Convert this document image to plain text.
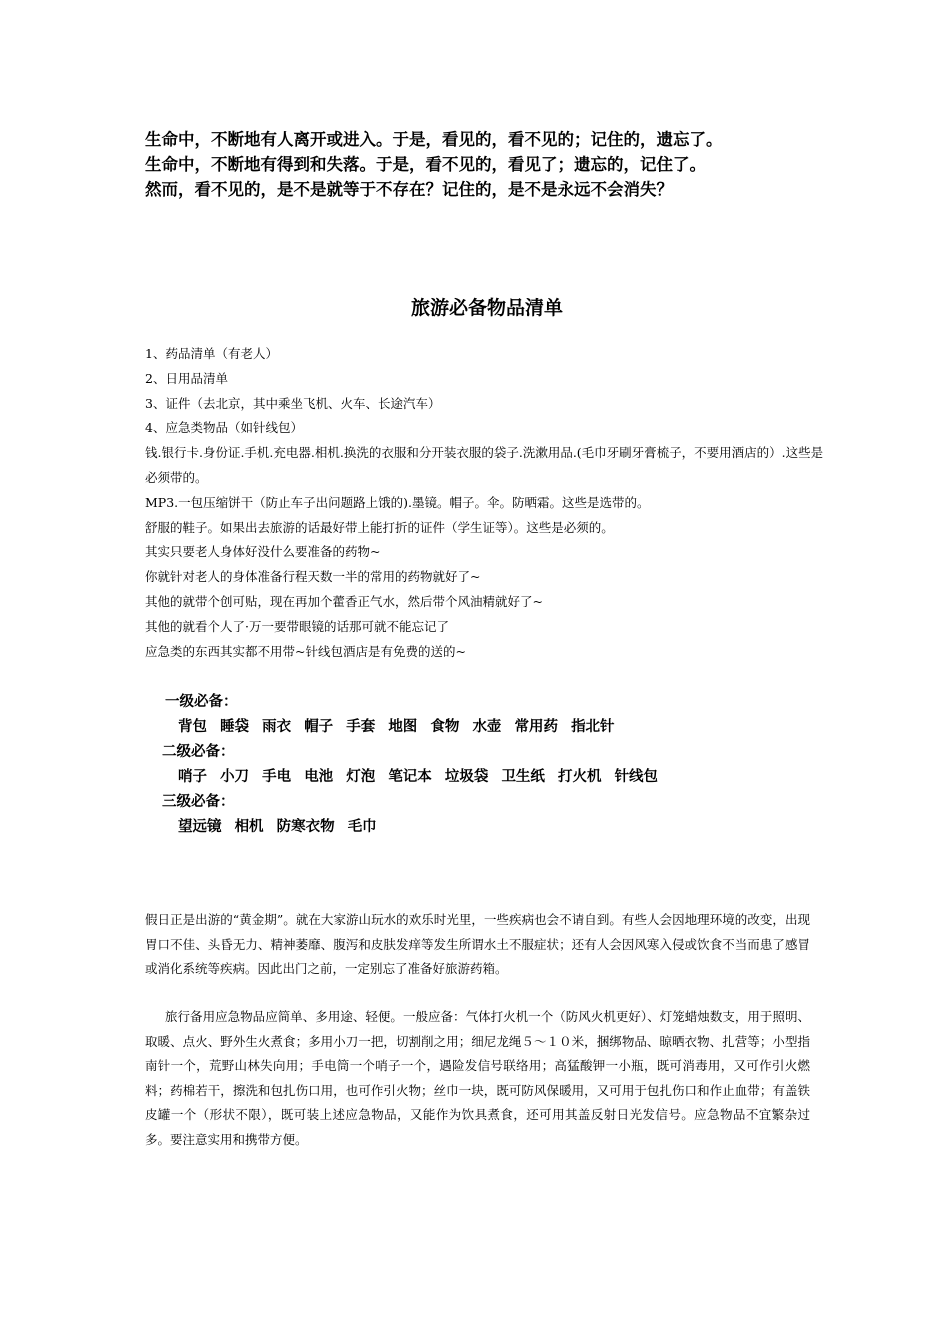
生命中，不断地有人离开或进入。于是，看见的，看不见的；记住的，遗忘了。
生命中，不断地有得到和失落。于是，看不见的，看见了；遗忘的，记住了。
然而，看不见的，是不是就等于不存在？记住的，是不是永远不会消失？
旅游必备物品清单
1、药品清单（有老人）
2、日用品清单
3、证件（去北京，其中乘坐飞机、火车、长途汽车）
4、应急类物品（如针线包）
钱.银行卡.身份证.手机.充电器.相机.换洗的衣服和分开装衣服的袋子.洗漱用品.(毛巾牙刷牙膏梳子，不要用酒店的）.这些是必须带的。
MP3.一包压缩饼干（防止车子出问题路上饿的).墨镜。帽子。伞。防晒霜。这些是选带的。
舒服的鞋子。如果出去旅游的话最好带上能打折的证件（学生证等）。这些是必须的。
其实只要老人身体好没什么要准备的药物~
你就针对老人的身体准备行程天数一半的常用的药物就好了~
其他的就带个创可贴，现在再加个藿香正气水，然后带个风油精就好了~
其他的就看个人了·万一要带眼镜的话那可就不能忘记了
应急类的东西其实都不用带~针线包酒店是有免费的送的~
一级必备：
背包 睡袋 雨衣 帽子 手套 地图 食物 水壶 常用药 指北针
二级必备：
哨子 小刀 手电 电池 灯泡 笔记本 垃圾袋 卫生纸 打火机 针线包
三级必备：
望远镜 相机 防寒衣物 毛巾
假日正是出游的“黄金期”。就在大家游山玩水的欢乐时光里，一些疾病也会不请自到。有些人会因地理环境的改变，出现胃口不佳、头昏无力、精神萎靡、腹泻和皮肤发痒等发生所谓水土不服症状；还有人会因风寒入侵或饮食不当而患了感冒或消化系统等疾病。因此出门之前，一定别忘了准备好旅游药箱。
旅行备用应急物品应简单、多用途、轻便。一般应备：气体打火机一个（防风火机更好）、灯笼蜡烛数支，用于照明、取暖、点火、野外生火煮食；多用小刀一把，切割削之用；细尼龙绳５～１０米，捆绑物品、晾晒衣物、扎营等；小型指南针一个，荒野山林失向用；手电筒一个哨子一个，遇险发信号联络用；高猛酸钾一小瓶，既可消毒用，又可作引火燃料；药棉若干，擦洗和包扎伤口用，也可作引火物；丝巾一块，既可防风保暖用，又可用于包扎伤口和作止血带；有盖铁皮罐一个（形状不限），既可装上述应急物品，又能作为饮具煮食，还可用其盖反射日光发信号。应急物品不宜繁杂过多。要注意实用和携带方便。
